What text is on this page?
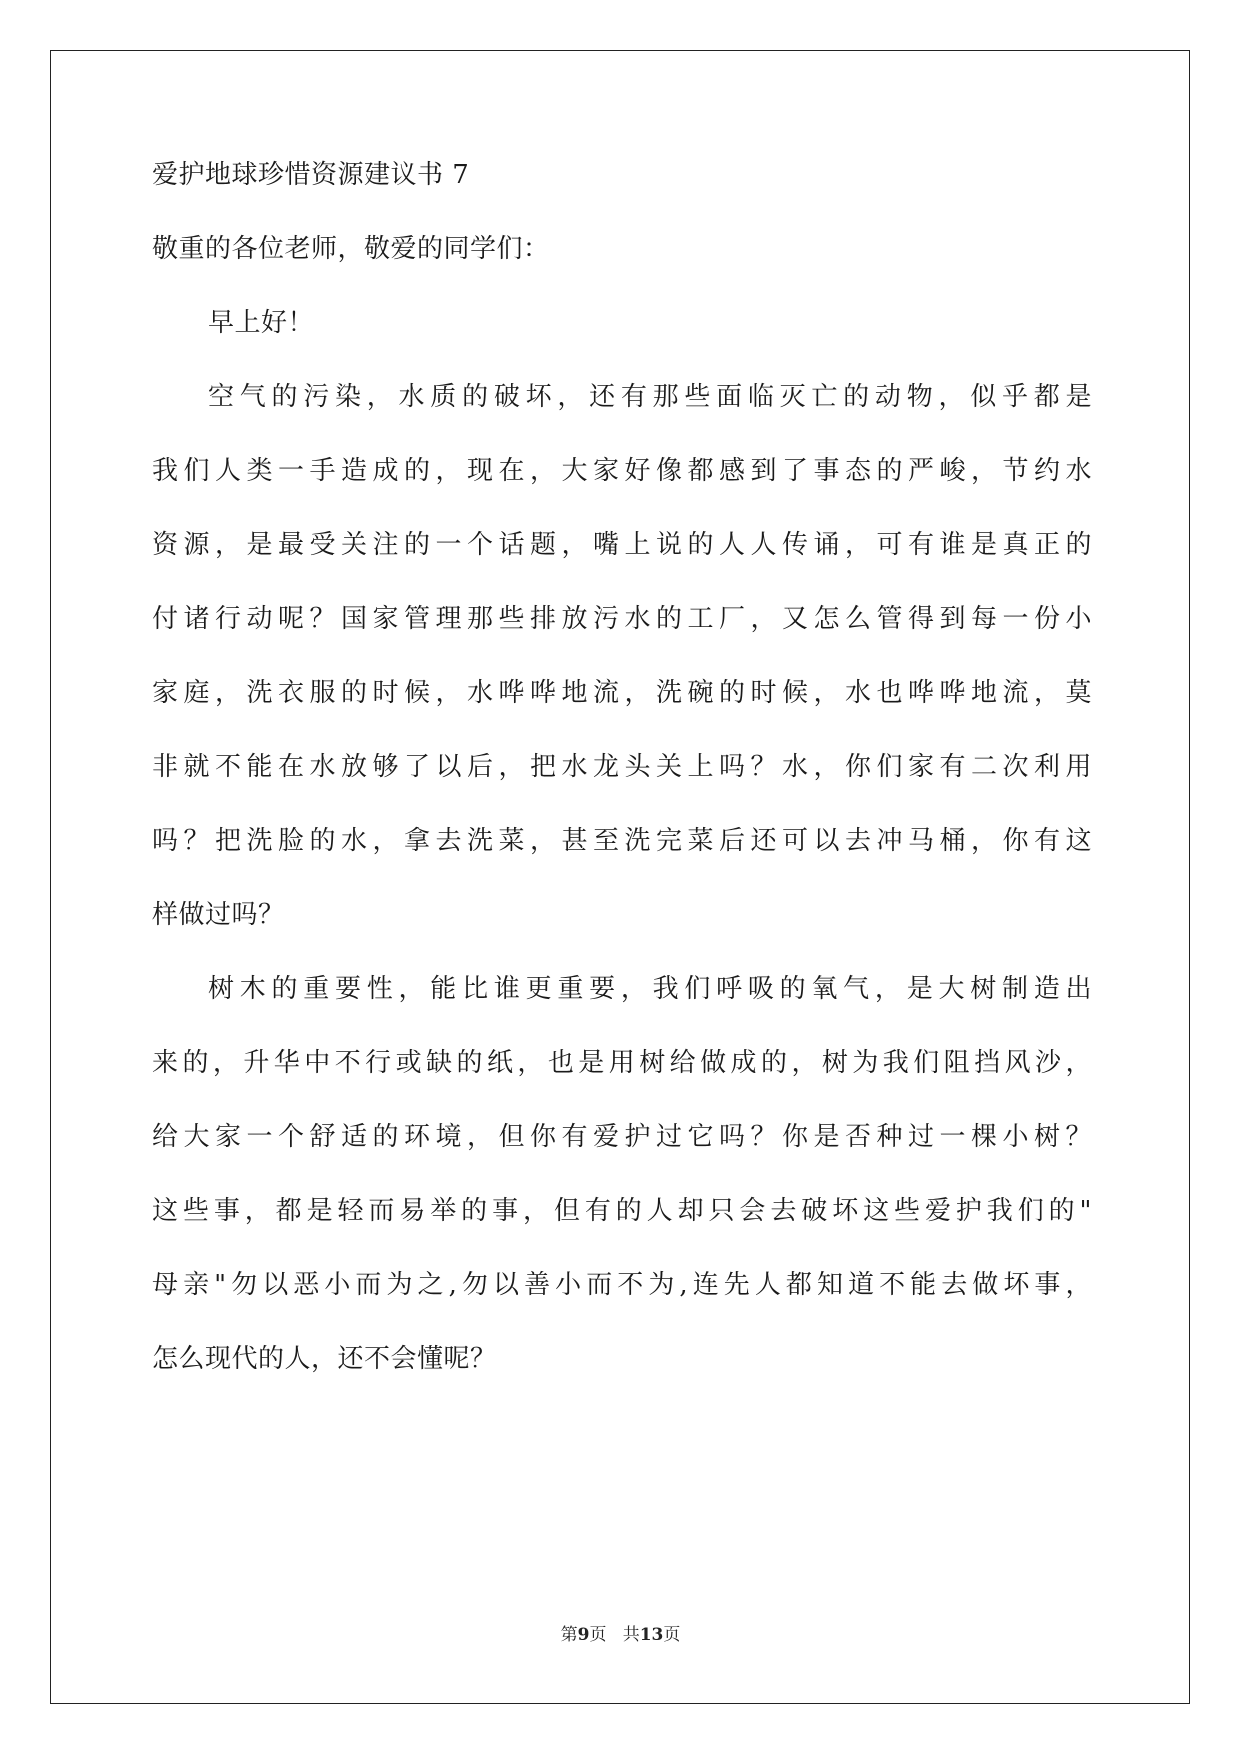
爱护地球珍惜资源建议书 7

敬重的各位老师，敬爱的同学们：

早上好！

空气的污染，水质的破坏，还有那些面临灭亡的动物，似乎都是

我们人类一手造成的，现在，大家好像都感到了事态的严峻，节约水

资源，是最受关注的一个话题，嘴上说的人人传诵，可有谁是真正的

付诸行动呢？国家管理那些排放污水的工厂，又怎么管得到每一份小

家庭，洗衣服的时候，水哗哗地流，洗碗的时候，水也哗哗地流，莫

非就不能在水放够了以后，把水龙头关上吗？水，你们家有二次利用

吗？把洗脸的水，拿去洗菜，甚至洗完菜后还可以去冲马桶，你有这

样做过吗？

树木的重要性，能比谁更重要，我们呼吸的氧气，是大树制造出

来的，升华中不行或缺的纸，也是用树给做成的，树为我们阻挡风沙，

给大家一个舒适的环境，但你有爱护过它吗？你是否种过一棵小树？

这些事，都是轻而易举的事，但有的人却只会去破坏这些爱护我们的"

母亲"勿以恶小而为之,勿以善小而不为,连先人都知道不能去做坏事，

怎么现代的人，还不会懂呢？

第9页 共13页
